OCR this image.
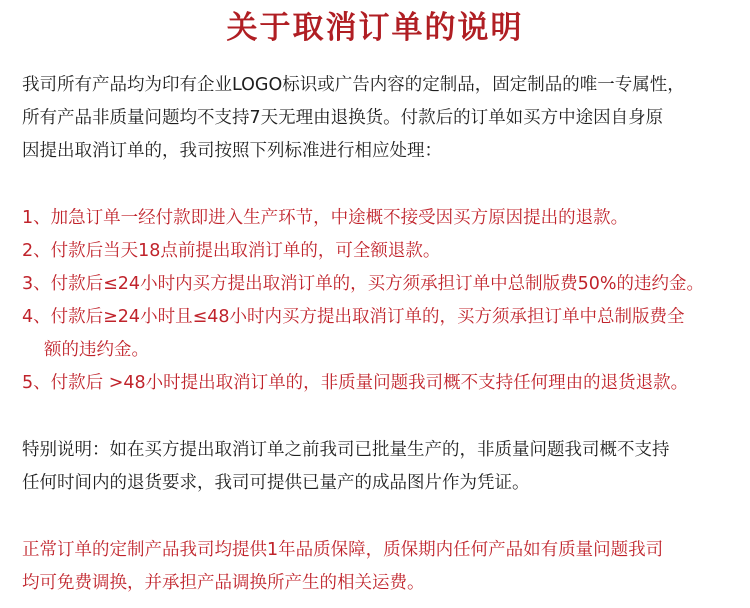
关于取消订单的说明
我司所有产品均为印有企业LOGO标识或广告内容的定制品，固定制品的唯一专属性，
所有产品非质量问题均不支持7天无理由退换货。付款后的订单如买方中途因自身原
因提出取消订单的，我司按照下列标准进行相应处理：
1、加急订单一经付款即进入生产环节，中途概不接受因买方原因提出的退款。
2、付款后当天18点前提出取消订单的，可全额退款。
3、付款后≤24小时内买方提出取消订单的，买方须承担订单中总制版费50%的违约金。
4、付款后≥24小时且≤48小时内买方提出取消订单的，买方须承担订单中总制版费全
额的违约金。
5、付款后 >48小时提出取消订单的，非质量问题我司概不支持任何理由的退货退款。
特别说明：如在买方提出取消订单之前我司已批量生产的，非质量问题我司概不支持
任何时间内的退货要求，我司可提供已量产的成品图片作为凭证。
正常订单的定制产品我司均提供1年品质保障，质保期内任何产品如有质量问题我司
均可免费调换，并承担产品调换所产生的相关运费。
